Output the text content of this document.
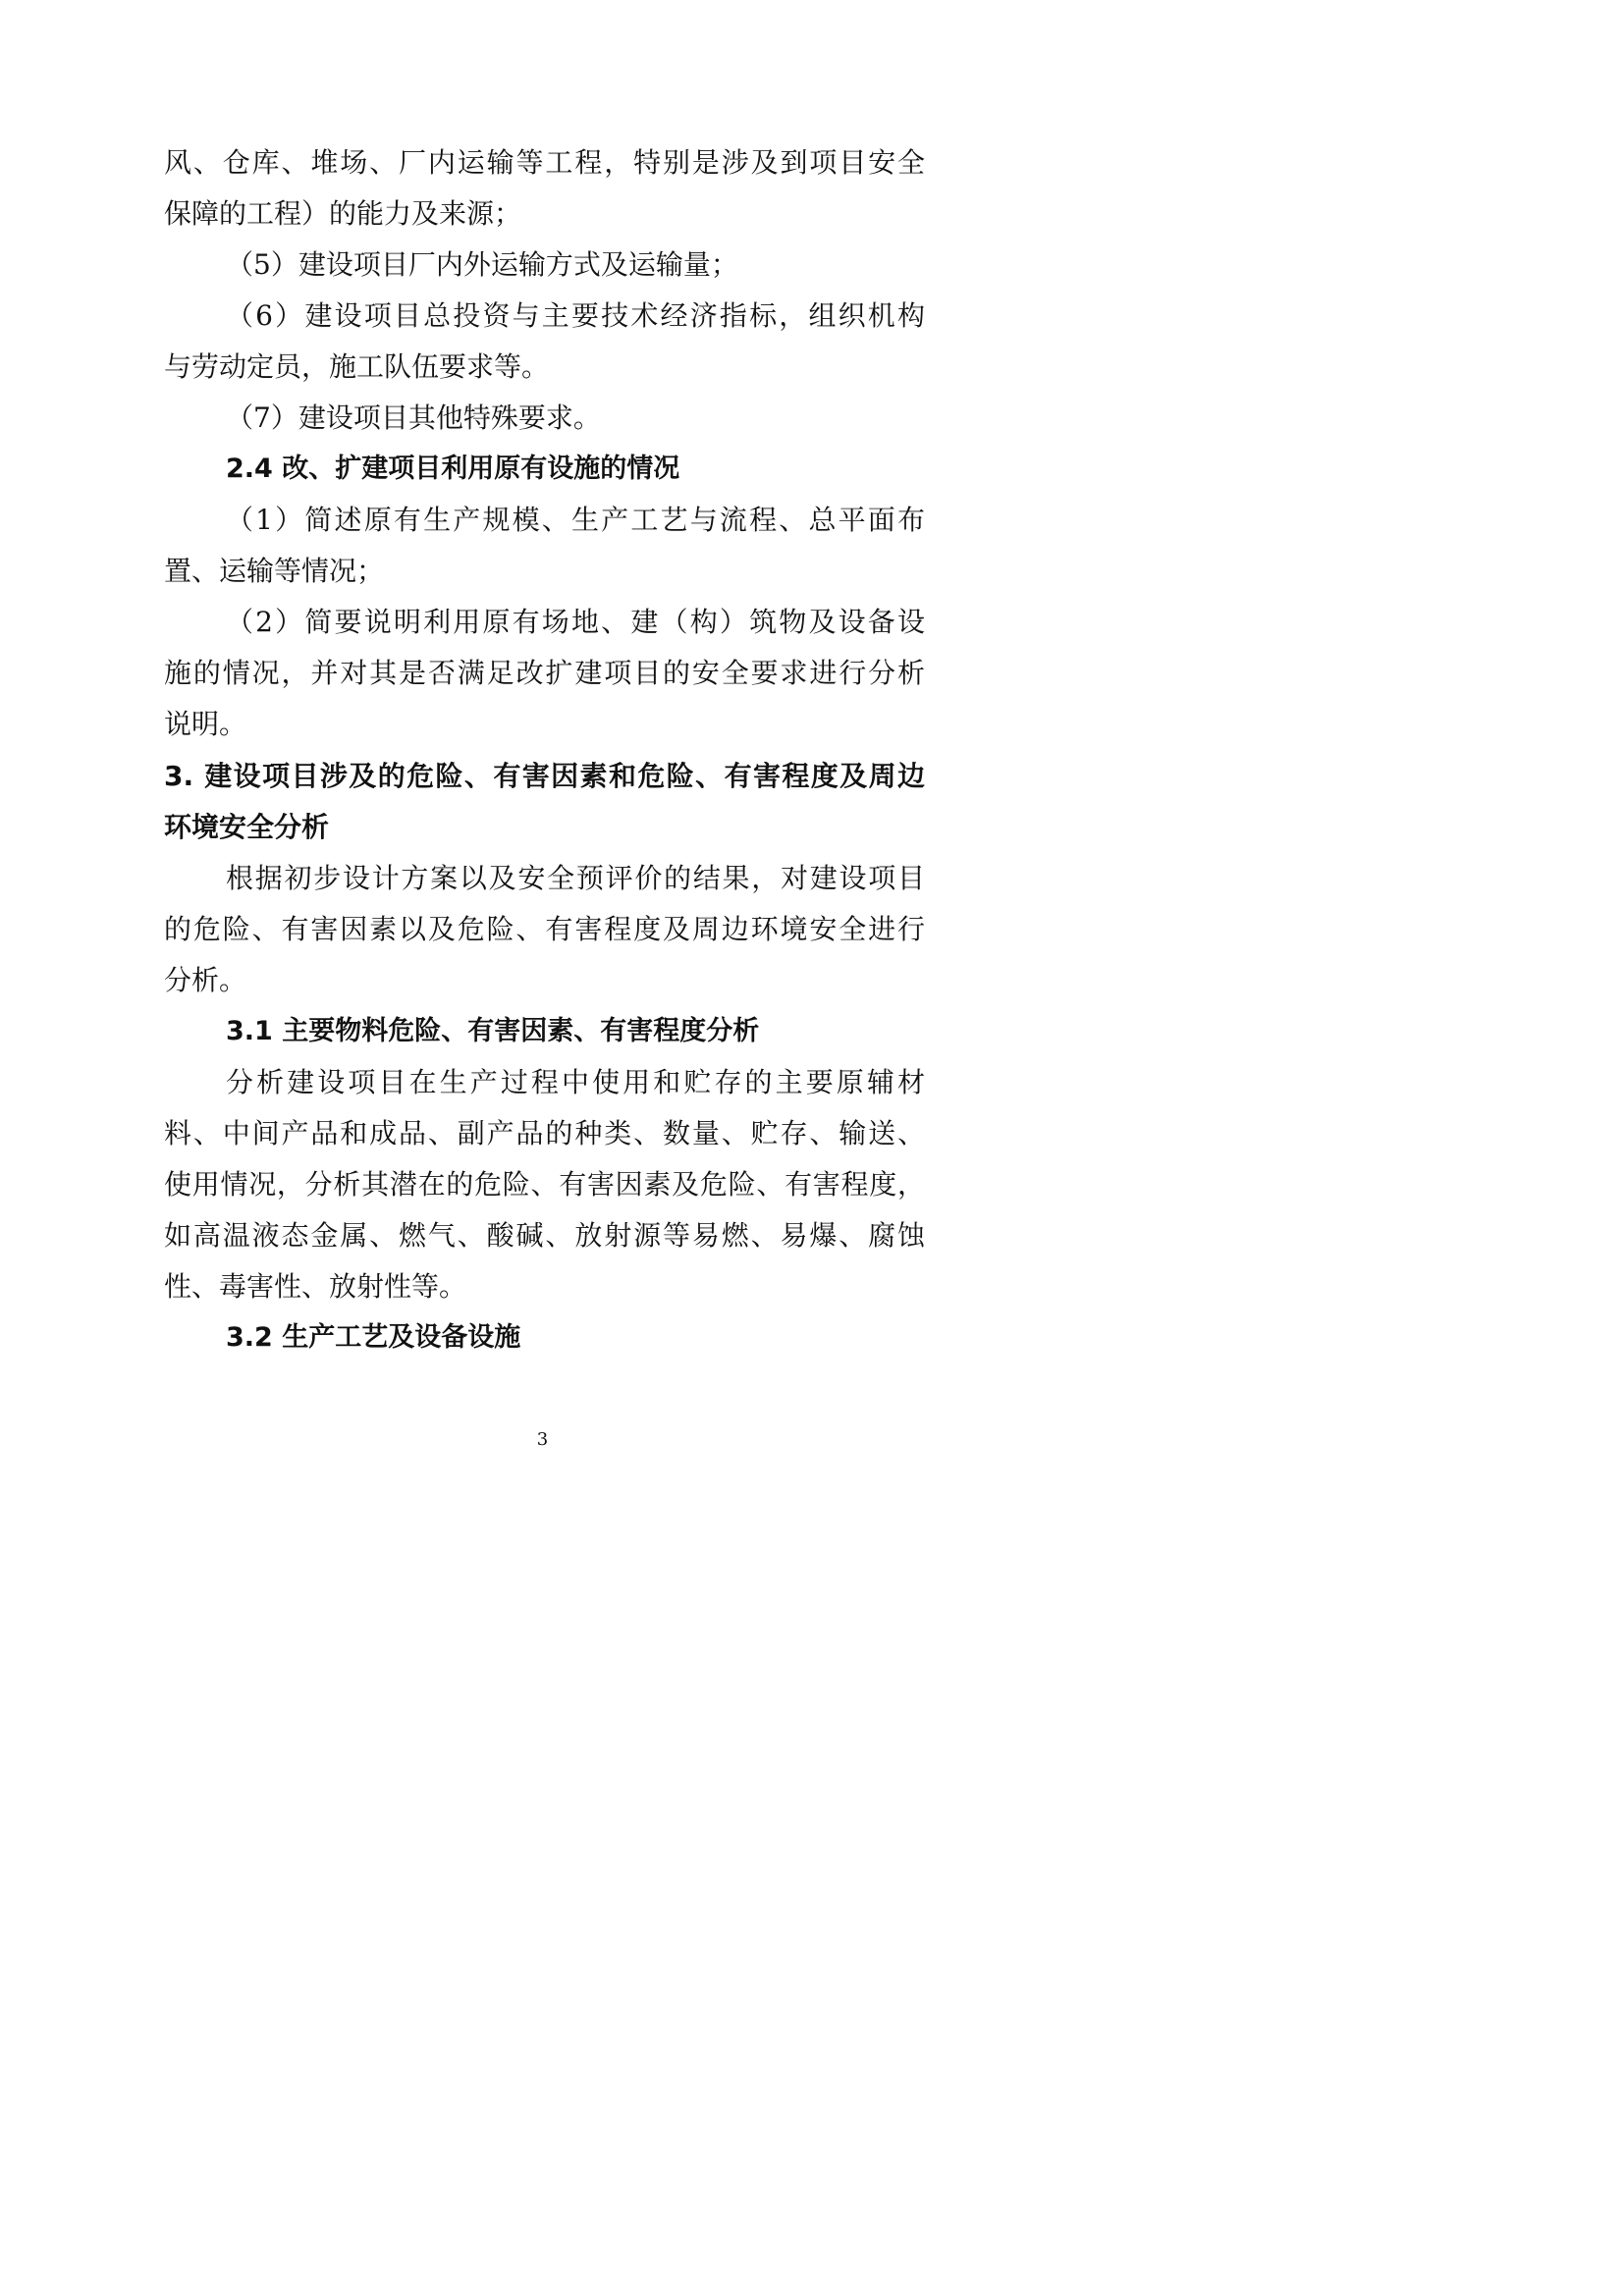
风、仓库、堆场、厂内运输等工程，特别是涉及到项目安全
保障的工程）的能力及来源；
（5）建设项目厂内外运输方式及运输量；
（6）建设项目总投资与主要技术经济指标，组织机构
与劳动定员，施工队伍要求等。
（7）建设项目其他特殊要求。
2.4 改、扩建项目利用原有设施的情况
（1）简述原有生产规模、生产工艺与流程、总平面布
置、运输等情况；
（2）简要说明利用原有场地、建（构）筑物及设备设
施的情况，并对其是否满足改扩建项目的安全要求进行分析
说明。
3. 建设项目涉及的危险、有害因素和危险、有害程度及周边
环境安全分析
根据初步设计方案以及安全预评价的结果，对建设项目
的危险、有害因素以及危险、有害程度及周边环境安全进行
分析。
3.1 主要物料危险、有害因素、有害程度分析
分析建设项目在生产过程中使用和贮存的主要原辅材
料、中间产品和成品、副产品的种类、数量、贮存、输送、
使用情况，分析其潜在的危险、有害因素及危险、有害程度，
如高温液态金属、燃气、酸碱、放射源等易燃、易爆、腐蚀
性、毒害性、放射性等。
3.2 生产工艺及设备设施
3
